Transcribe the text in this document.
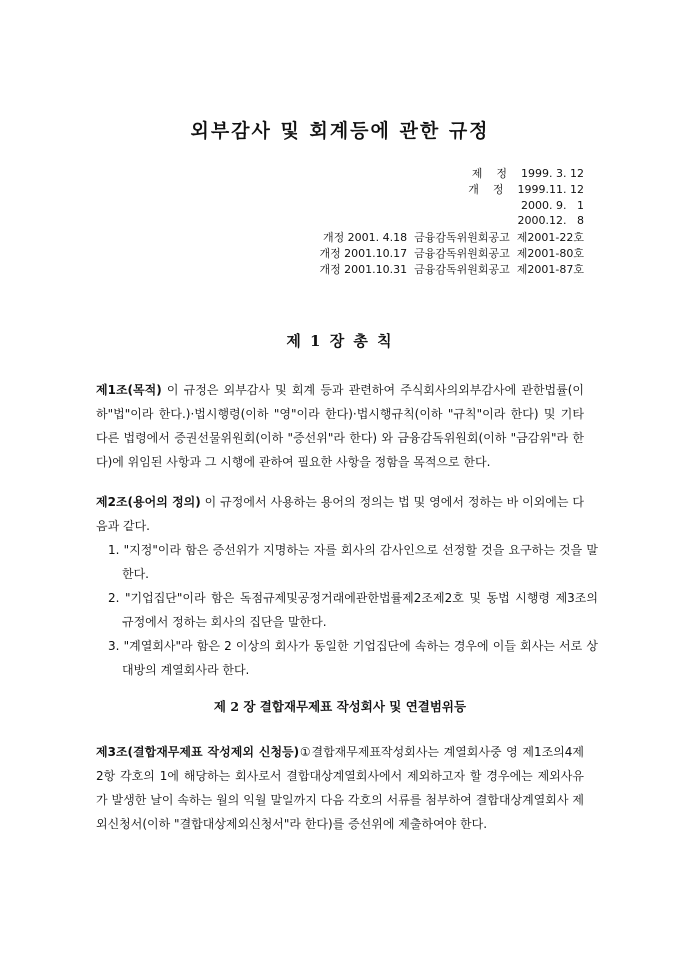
외부감사 및 회계등에 관한 규정
제    정    1999. 3. 12
개    정    1999.11. 12
2000. 9.   1
2000.12.   8
개정 2001. 4.18  금융감독위원회공고  제2001-22호
개정 2001.10.17  금융감독위원회공고  제2001-80호
개정 2001.10.31  금융감독위원회공고  제2001-87호
제 1 장 총 칙
제1조(목적) 이 규정은 외부감사 및 회계 등과 관련하여 주식회사의외부감사에 관한법률(이하"법"이라 한다.)·법시행령(이하 "영"이라 한다)·법시행규칙(이하 "규칙"이라 한다) 및 기타 다른 법령에서 증권선물위원회(이하 "증선위"라 한다) 와 금융감독위원회(이하 "금감위"라 한다)에 위임된 사항과 그 시행에 관하여 필요한 사항을 정함을 목적으로 한다.
제2조(용어의 정의) 이 규정에서 사용하는 용어의 정의는 법 및 영에서 정하는 바 이외에는 다음과 같다.
1. "지정"이라 함은 증선위가 지명하는 자를 회사의 감사인으로 선정할 것을 요구하는 것을 말한다.
2. "기업집단"이라 함은 독점규제및공정거래에관한법률제2조제2호 및 동법 시행령 제3조의 규정에서 정하는 회사의 집단을 말한다.
3. "계열회사"라 함은 2 이상의 회사가 동일한 기업집단에 속하는 경우에 이들 회사는 서로 상대방의 계열회사라 한다.
제 2 장 결합재무제표 작성회사 및 연결범위등
제3조(결합재무제표 작성제외 신청등)①결합재무제표작성회사는 계열회사중 영 제1조의4제2항 각호의 1에 해당하는 회사로서 결합대상계열회사에서 제외하고자 할 경우에는 제외사유가 발생한 날이 속하는 월의 익월 말일까지 다음 각호의 서류를 첨부하여 결합대상계열회사 제외신청서(이하 "결합대상제외신청서"라 한다)를 증선위에 제출하여야 한다.
